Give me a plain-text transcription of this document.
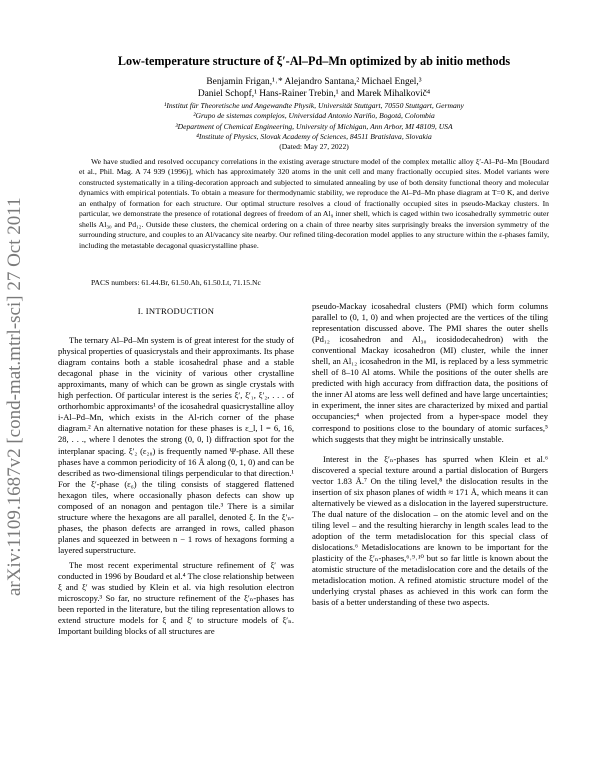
arXiv:1109.1687v2 [cond-mat.mtrl-sci] 27 Oct 2011
Low-temperature structure of ξ′-Al–Pd–Mn optimized by ab initio methods
Benjamin Frigan,¹˒* Alejandro Santana,² Michael Engel,³
Daniel Schopf,¹ Hans-Rainer Trebin,¹ and Marek Mihalkovič⁴
¹Institut für Theoretische und Angewandte Physik, Universität Stuttgart, 70550 Stuttgart, Germany
²Grupo de sistemas complejos, Universidad Antonio Nariño, Bogotá, Colombia
³Department of Chemical Engineering, University of Michigan, Ann Arbor, MI 48109, USA
⁴Institute of Physics, Slovak Academy of Sciences, 84511 Bratislava, Slovakia
(Dated: May 27, 2022)

We have studied and resolved occupancy correlations in the existing average structure model of the complex metallic alloy ξ′-Al–Pd–Mn [Boudard et al., Phil. Mag. A 74 939 (1996)], which has approximately 320 atoms in the unit cell and many fractionally occupied sites. Model variants were constructed systematically in a tiling-decoration approach and subjected to simulated annealing by use of both density functional theory and molecular dynamics with empirical potentials. To obtain a measure for thermodynamic stability, we reproduce the Al–Pd–Mn phase diagram at T=0 K, and derive an enthalpy of formation for each structure. Our optimal structure resolves a cloud of fractionally occupied sites in pseudo-Mackay clusters. In particular, we demonstrate the presence of rotational degrees of freedom of an Al₉ inner shell, which is caged within two icosahedrally symmetric outer shells Al₃₀ and Pd₁₂. Outside these clusters, the chemical ordering on a chain of three nearby sites surprisingly breaks the inversion symmetry of the surrounding structure, and couples to an Al/vacancy site nearby. Our refined tiling-decoration model applies to any structure within the ε-phases family, including the metastable decagonal quasicrystalline phase.

PACS numbers: 61.44.Br, 61.50.Ah, 61.50.Lt, 71.15.Nc
I. INTRODUCTION

The ternary Al–Pd–Mn system is of great interest for the study of physical properties of quasicrystals and their approximants. Its phase diagram contains both a stable icosahedral phase and a stable decagonal phase in the vicinity of various other crystalline approximants, many of which can be grown as single crystals with high perfection. Of particular interest is the series ξ′, ξ′₁, ξ′₂, . . . of orthorhombic approximants¹ of the icosahedral quasicrystalline alloy i-Al–Pd–Mn, which exists in the Al-rich corner of the phase diagram.² An alternative notation for these phases is ε_l, l = 6, 16, 28, . . ., where l denotes the strong (0, 0, l) diffraction spot for the interplanar spacing. ξ′₂ (ε₂₈) is frequently named Ψ-phase. All these phases have a common periodicity of 16 Å along (0, 1, 0) and can be described as two-dimensional tilings perpendicular to that direction.¹ For the ξ′-phase (ε₆) the tiling consists of staggered flattened hexagon tiles, where occasionally phason defects can show up composed of an nonagon and pentagon tile.³ There is a similar structure where the hexagons are all parallel, denoted ξ. In the ξ′ₙ-phases, the phason defects are arranged in rows, called phason planes and squeezed in between n − 1 rows of hexagons forming a layered superstructure.

The most recent experimental structure refinement of ξ′ was conducted in 1996 by Boudard et al.⁴ The close relationship between ξ and ξ′ was studied by Klein et al. via high resolution electron microscopy.³ So far, no structure refinement of the ξ′ₙ-phases has been reported in the literature, but the tiling representation allows to extend structure models for ξ and ξ′ to structure models of ξ′ₙ. Important building blocks of all structures are

pseudo-Mackay icosahedral clusters (PMI) which form columns parallel to (0, 1, 0) and when projected are the vertices of the tiling representation discussed above. The PMI shares the outer shells (Pd₁₂ icosahedron and Al₃₀ icosidodecahedron) with the conventional Mackay icosahedron (MI) cluster, while the inner shell, an Al₁₂ icosahedron in the MI, is replaced by a less symmetric shell of 8–10 Al atoms. While the positions of the outer shells are predicted with high accuracy from diffraction data, the positions of the inner Al atoms are less well defined and have large uncertainties; in experiment, the inner sites are characterized by mixed and partial occupancies;⁴ when projected from a hyper-space model they correspond to positions close to the boundary of atomic surfaces,⁵ which suggests that they might be intrinsically unstable.

Interest in the ξ′ₙ-phases has spurred when Klein et al.⁶ discovered a special texture around a partial dislocation of Burgers vector 1.83 Å.⁷ On the tiling level,⁸ the dislocation results in the insertion of six phason planes of width ≈ 171 Å, which means it can alternatively be viewed as a dislocation in the layered superstructure. The dual nature of the dislocation – on the atomic level and on the tiling level – and the resulting hierarchy in length scales lead to the adoption of the term metadislocation for this special class of dislocations.⁶ Metadislocations are known to be important for the plasticity of the ξ′ₙ-phases,⁶˒⁹˒¹⁰ but so far little is known about the atomistic structure of the metadislocation core and the details of the metadislocation motion. A refined atomistic structure model of the underlying crystal phases as achieved in this work can form the basis of a better understanding of these two aspects.
